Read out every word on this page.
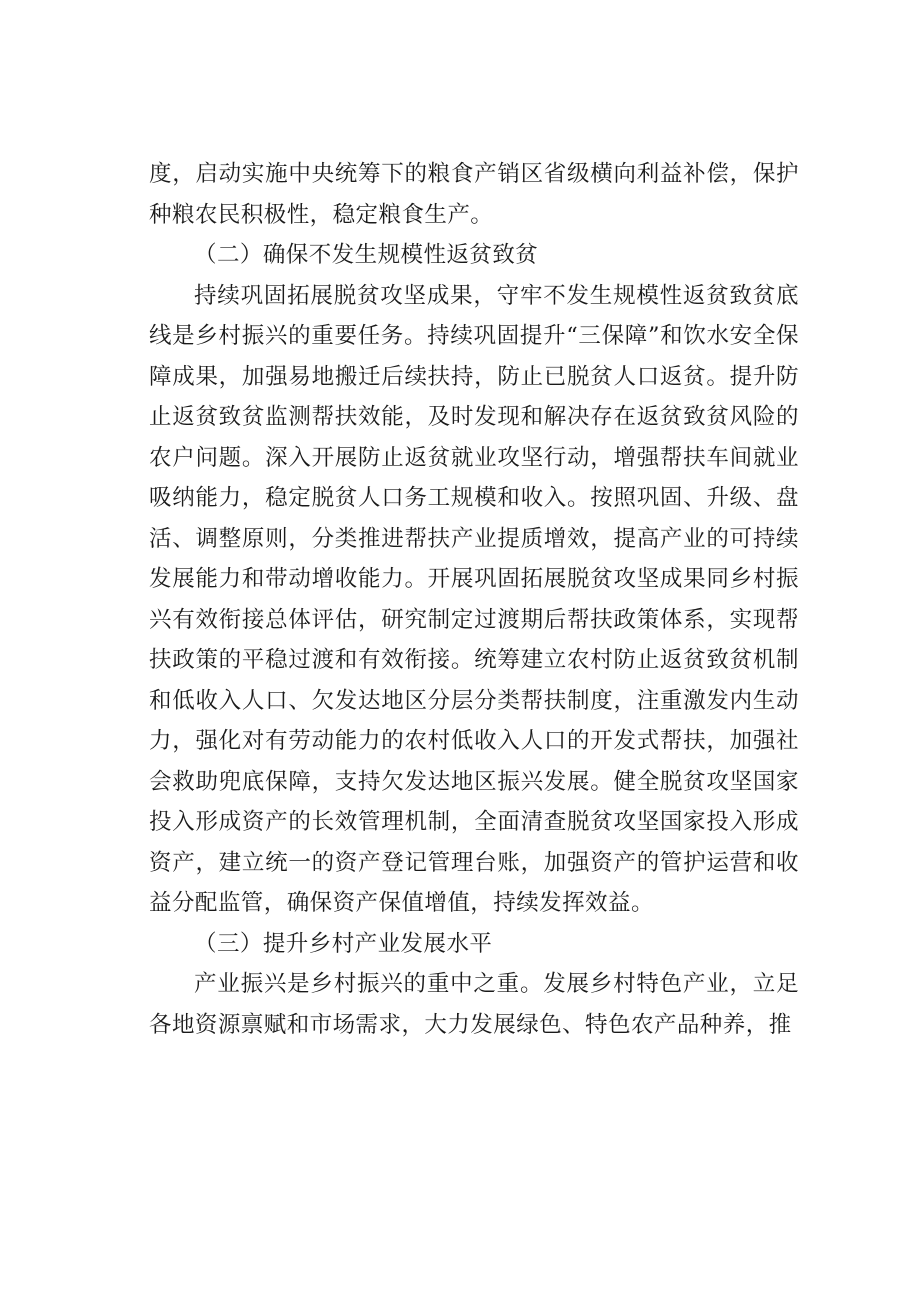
度，启动实施中央统筹下的粮食产销区省级横向利益补偿，保护种粮农民积极性，稳定粮食生产。

（二）确保不发生规模性返贫致贫

持续巩固拓展脱贫攻坚成果，守牢不发生规模性返贫致贫底线是乡村振兴的重要任务。持续巩固提升“三保障”和饮水安全保障成果，加强易地搬迁后续扶持，防止已脱贫人口返贫。提升防止返贫致贫监测帮扶效能，及时发现和解决存在返贫致贫风险的农户问题。深入开展防止返贫就业攻坚行动，增强帮扶车间就业吸纳能力，稳定脱贫人口务工规模和收入。按照巩固、升级、盘活、调整原则，分类推进帮扶产业提质增效，提高产业的可持续发展能力和带动增收能力。开展巩固拓展脱贫攻坚成果同乡村振兴有效衔接总体评估，研究制定过渡期后帮扶政策体系，实现帮扶政策的平稳过渡和有效衔接。统筹建立农村防止返贫致贫机制和低收入人口、欠发达地区分层分类帮扶制度，注重激发内生动力，强化对有劳动能力的农村低收入人口的开发式帮扶，加强社会救助兜底保障，支持欠发达地区振兴发展。健全脱贫攻坚国家投入形成资产的长效管理机制，全面清查脱贫攻坚国家投入形成资产，建立统一的资产登记管理台账，加强资产的管护运营和收益分配监管，确保资产保值增值，持续发挥效益。

（三）提升乡村产业发展水平

产业振兴是乡村振兴的重中之重。发展乡村特色产业，立足各地资源禀赋和市场需求，大力发展绿色、特色农产品种养，推
